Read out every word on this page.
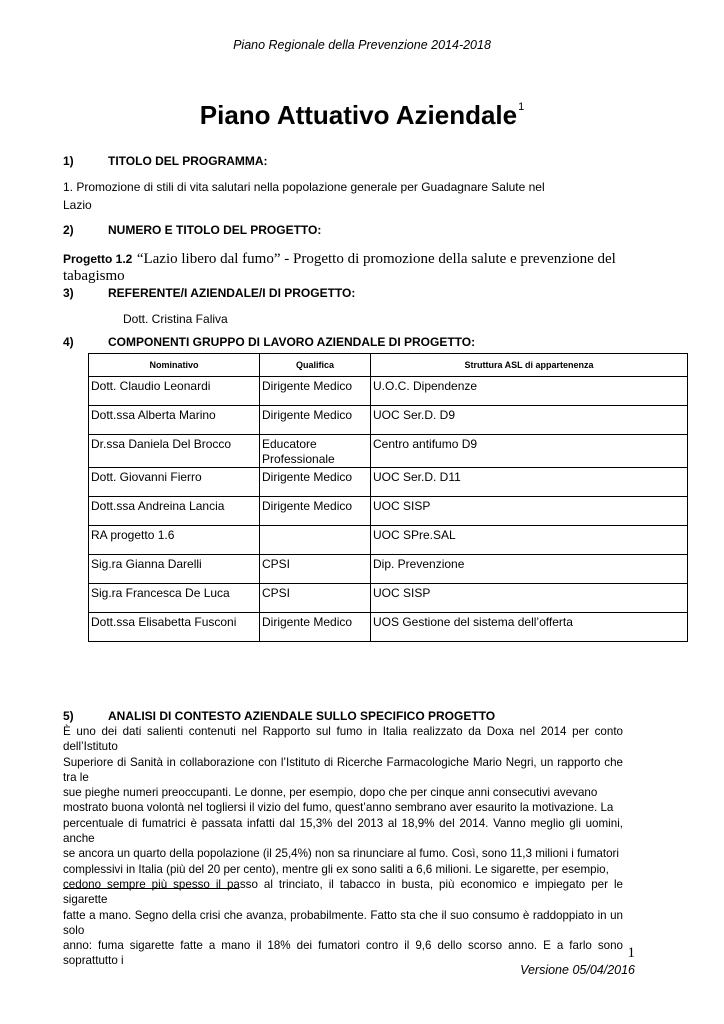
Piano Regionale della Prevenzione 2014-2018
Piano Attuativo Aziendale$^1$
1)	TITOLO DEL PROGRAMMA:
1. Promozione di stili di vita salutari nella popolazione generale per Guadagnare Salute nel
Lazio
2)	NUMERO E TITOLO DEL PROGETTO:
Progetto 1.2 “Lazio libero dal fumo” - Progetto di promozione della salute e prevenzione del
tabagismo
3)	REFERENTE/I AZIENDALE/I DI PROGETTO:
Dott. Cristina Faliva
4)	COMPONENTI GRUPPO DI LAVORO AZIENDALE DI PROGETTO:
Nominativo	Qualifica	Struttura ASL di appartenenza
Dott. Claudio Leonardi	Dirigente Medico	U.O.C. Dipendenze
Dott.ssa Alberta Marino	Dirigente Medico	UOC Ser.D. D9
Dr.ssa Daniela Del Brocco	Educatore Professionale	Centro antifumo D9
Dott. Giovanni Fierro	Dirigente Medico	UOC Ser.D. D11
Dott.ssa Andreina Lancia	Dirigente Medico	UOC SISP
RA progetto 1.6		UOC SPre.SAL
Sig.ra Gianna Darelli	CPSI	Dip. Prevenzione
Sig.ra Francesca De Luca	CPSI	UOC SISP
Dott.ssa Elisabetta Fusconi	Dirigente Medico	UOS Gestione del sistema dell’offerta
5)	ANALISI DI CONTESTO AZIENDALE SULLO SPECIFICO PROGETTO

È uno dei dati salienti contenuti nel Rapporto sul fumo in Italia realizzato da Doxa nel 2014 per conto dell’Istituto

Superiore di Sanità in collaborazione con l’Istituto di Ricerche Farmacologiche Mario Negri, un rapporto che tra le

sue pieghe numeri preoccupanti. Le donne, per esempio, dopo che per cinque anni consecutivi avevano

mostrato buona volontà nel togliersi il vizio del fumo, quest’anno sembrano aver esaurito la motivazione. La

percentuale di fumatrici è passata infatti dal 15,3% del 2013 al 18,9% del 2014. Vanno meglio gli uomini, anche

se ancora un quarto della popolazione (il 25,4%) non sa rinunciare al fumo. Così, sono 11,3 milioni i fumatori

complessivi in Italia (più del 20 per cento), mentre gli ex sono saliti a 6,6 milioni. Le sigarette, per esempio,

cedono sempre più spesso il passo al trinciato, il tabacco in busta, più economico e impiegato per le sigarette

fatte a mano. Segno della crisi che avanza, probabilmente. Fatto sta che il suo consumo è raddoppiato in un solo

anno: fuma sigarette fatte a mano il 18% dei fumatori contro il 9,6 dello scorso anno. E a farlo sono soprattutto i	1
Versione 05/04/2016
